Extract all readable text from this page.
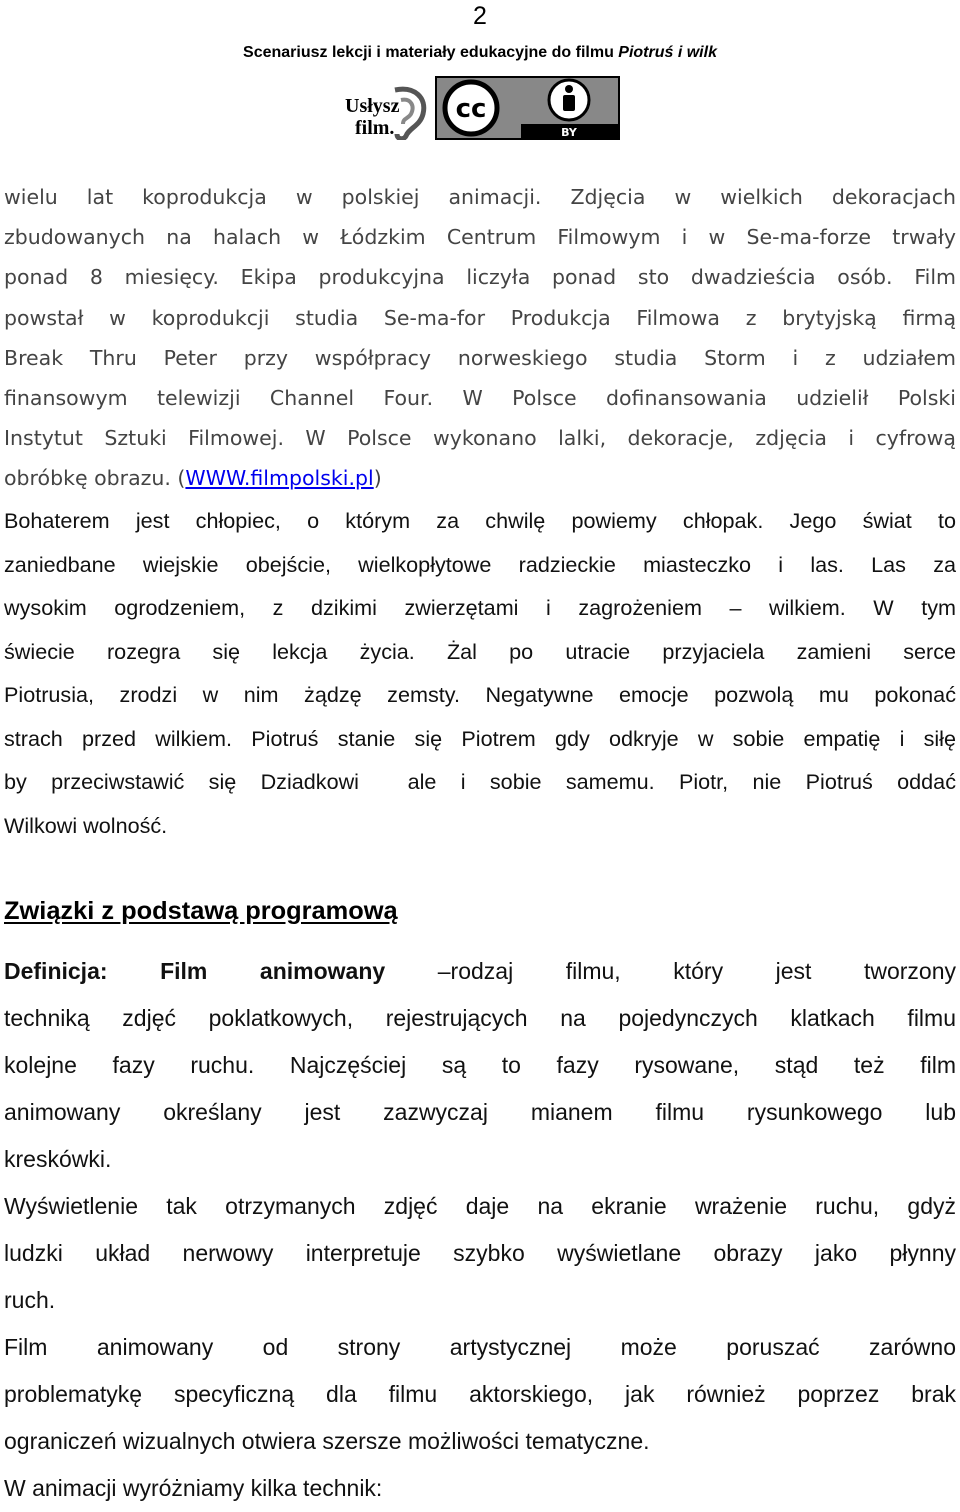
2
Scenariusz lekcji i materiały edukacyjne do filmu Piotruś i wilk
Usłysz
film.
cc
BY
wielu lat koprodukcja w polskiej animacji. Zdjęcia w wielkich dekoracjach
zbudowanych na halach w Łódzkim Centrum Filmowym i w Se-ma-forze trwały
ponad 8 miesięcy. Ekipa produkcyjna liczyła ponad sto dwadzieścia osób. Film
powstał w koprodukcji studia Se-ma-for Produkcja Filmowa z brytyjską firmą
Break Thru Peter przy współpracy norweskiego studia Storm i z udziałem
finansowym telewizji Channel Four. W Polsce dofinansowania udzielił Polski
Instytut Sztuki Filmowej. W Polsce wykonano lalki, dekoracje, zdjęcia i cyfrową
obróbkę obrazu. (WWW.filmpolski.pl)
Bohaterem jest chłopiec, o którym za chwilę powiemy chłopak. Jego świat to
zaniedbane wiejskie obejście, wielkopłytowe radzieckie miasteczko i las. Las za
wysokim ogrodzeniem, z dzikimi zwierzętami i zagrożeniem – wilkiem. W tym
świecie rozegra się lekcja życia. Żal po utracie przyjaciela zamieni serce
Piotrusia, zrodzi w nim żądzę zemsty. Negatywne emocje pozwolą mu pokonać
strach przed wilkiem. Piotruś stanie się Piotrem gdy odkryje w sobie empatię i siłę
by przeciwstawić się Dziadkowi  ale i sobie samemu. Piotr, nie Piotruś oddać
Wilkowi wolność.
Związki z podstawą programową
Definicja: Film animowany –rodzaj filmu, który jest tworzony
techniką zdjęć poklatkowych, rejestrujących na pojedynczych klatkach filmu
kolejne fazy ruchu. Najczęściej są to fazy rysowane, stąd też film
animowany określany jest zazwyczaj mianem filmu rysunkowego lub
kreskówki.
Wyświetlenie tak otrzymanych zdjęć daje na ekranie wrażenie ruchu, gdyż
ludzki układ nerwowy interpretuje szybko wyświetlane obrazy jako płynny
ruch.
Film animowany od strony artystycznej może poruszać zarówno
problematykę specyficzną dla filmu aktorskiego, jak również poprzez brak
ograniczeń wizualnych otwiera szersze możliwości tematyczne.
W animacji wyróżniamy kilka technik:
